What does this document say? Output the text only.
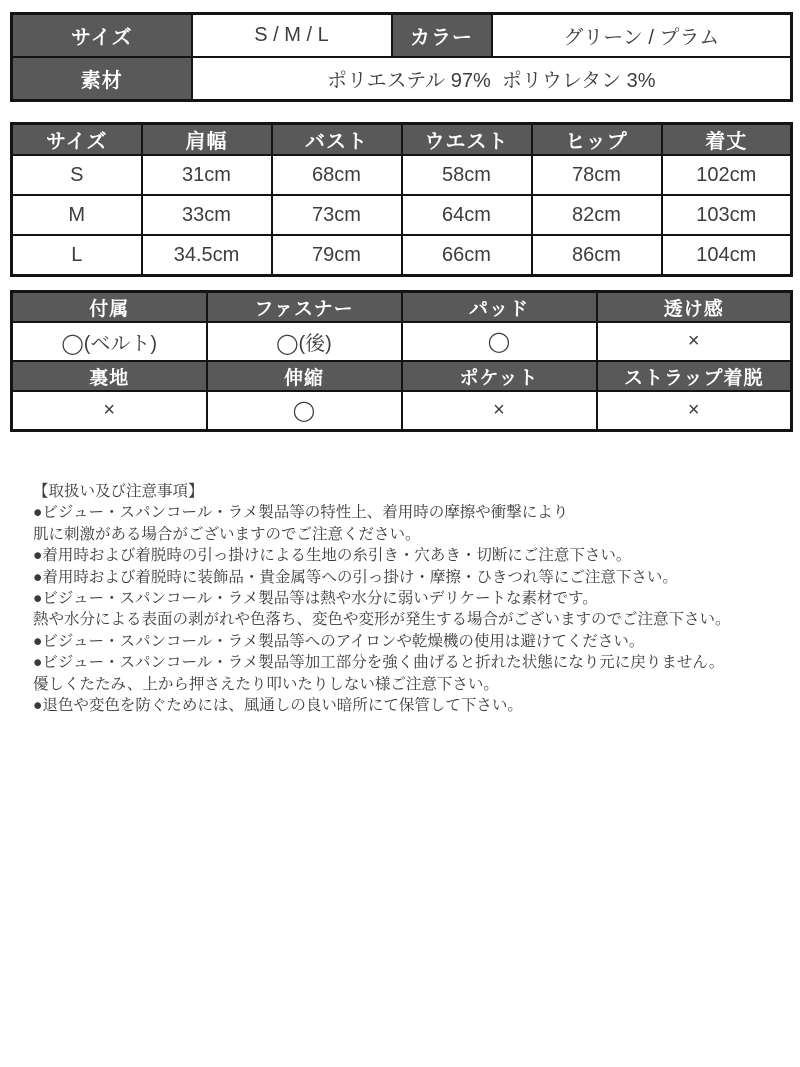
サイズ	S / M / L	カラー	グリーン / プラム
素材	ポリエステル 97%  ポリウレタン 3%		
サイズ	肩幅	バスト	ウエスト	ヒップ	着丈
S	31cm	68cm	58cm	78cm	102cm
M	33cm	73cm	64cm	82cm	103cm
L	34.5cm	79cm	66cm	86cm	104cm
付属	ファスナー	パッド	透け感
◯(ベルト)	◯(後)	◯	×
裏地	伸縮	ポケット	ストラップ着脱
×	◯	×	×
【取扱い及び注意事項】
●ビジュー・スパンコール・ラメ製品等の特性上、着用時の摩擦や衝撃により
肌に刺激がある場合がございますのでご注意ください。
●着用時および着脱時の引っ掛けによる生地の糸引き・穴あき・切断にご注意下さい。
●着用時および着脱時に装飾品・貴金属等への引っ掛け・摩擦・ひきつれ等にご注意下さい。
●ビジュー・スパンコール・ラメ製品等は熱や水分に弱いデリケートな素材です。
熱や水分による表面の剥がれや色落ち、変色や変形が発生する場合がございますのでご注意下さい。
●ビジュー・スパンコール・ラメ製品等へのアイロンや乾燥機の使用は避けてください。
●ビジュー・スパンコール・ラメ製品等加工部分を強く曲げると折れた状態になり元に戻りません。
優しくたたみ、上から押さえたり叩いたりしない様ご注意下さい。
●退色や変色を防ぐためには、風通しの良い暗所にて保管して下さい。
